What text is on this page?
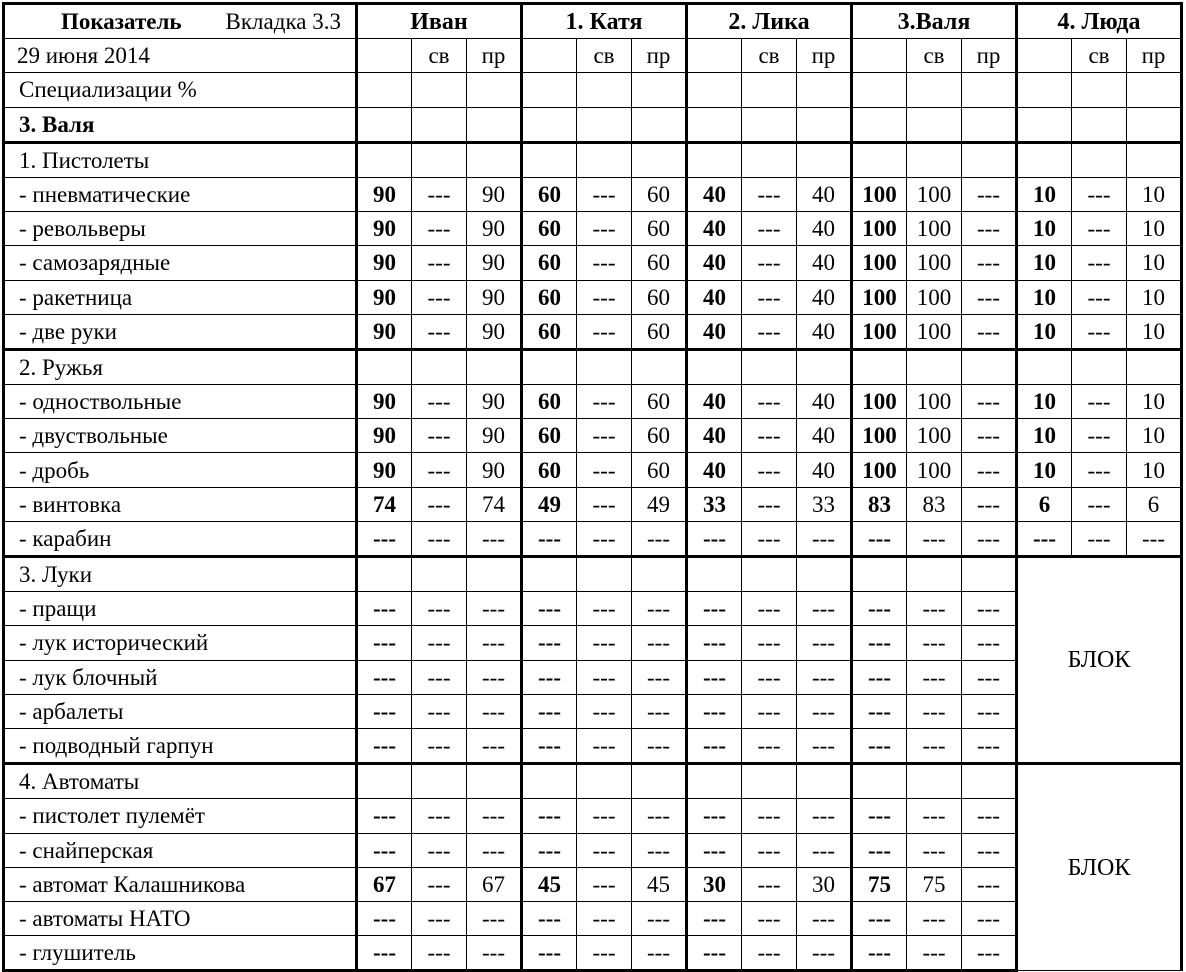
Показатель Вкладка 3.3	Иван			1. Катя			2. Лика			3.Валя			4. Люда		
29 июня 2014		св	пр		св	пр		св	пр		св	пр		св	пр
Специализации %															
3. Валя															
1. Пистолеты															
- пневматические	90	---	90	60	---	60	40	---	40	100	100	---	10	---	10
- револьверы	90	---	90	60	---	60	40	---	40	100	100	---	10	---	10
- самозарядные	90	---	90	60	---	60	40	---	40	100	100	---	10	---	10
- ракетница	90	---	90	60	---	60	40	---	40	100	100	---	10	---	10
- две руки	90	---	90	60	---	60	40	---	40	100	100	---	10	---	10
2. Ружья															
- одноствольные	90	---	90	60	---	60	40	---	40	100	100	---	10	---	10
- двуствольные	90	---	90	60	---	60	40	---	40	100	100	---	10	---	10
- дробь	90	---	90	60	---	60	40	---	40	100	100	---	10	---	10
- винтовка	74	---	74	49	---	49	33	---	33	83	83	---	6	---	6
- карабин	---	---	---	---	---	---	---	---	---	---	---	---	---	---	---
3. Луки													БЛОК		
- пращи	---	---	---	---	---	---	---	---	---	---	---	---			
- лук исторический	---	---	---	---	---	---	---	---	---	---	---	---			
- лук блочный	---	---	---	---	---	---	---	---	---	---	---	---			
- арбалеты	---	---	---	---	---	---	---	---	---	---	---	---			
- подводный гарпун	---	---	---	---	---	---	---	---	---	---	---	---			
4. Автоматы													БЛОК		
- пистолет пулемёт	---	---	---	---	---	---	---	---	---	---	---	---			
- снайперская	---	---	---	---	---	---	---	---	---	---	---	---			
- автомат Калашникова	67	---	67	45	---	45	30	---	30	75	75	---			
- автоматы НАТО	---	---	---	---	---	---	---	---	---	---	---	---			
- глушитель	---	---	---	---	---	---	---	---	---	---	---	---			
